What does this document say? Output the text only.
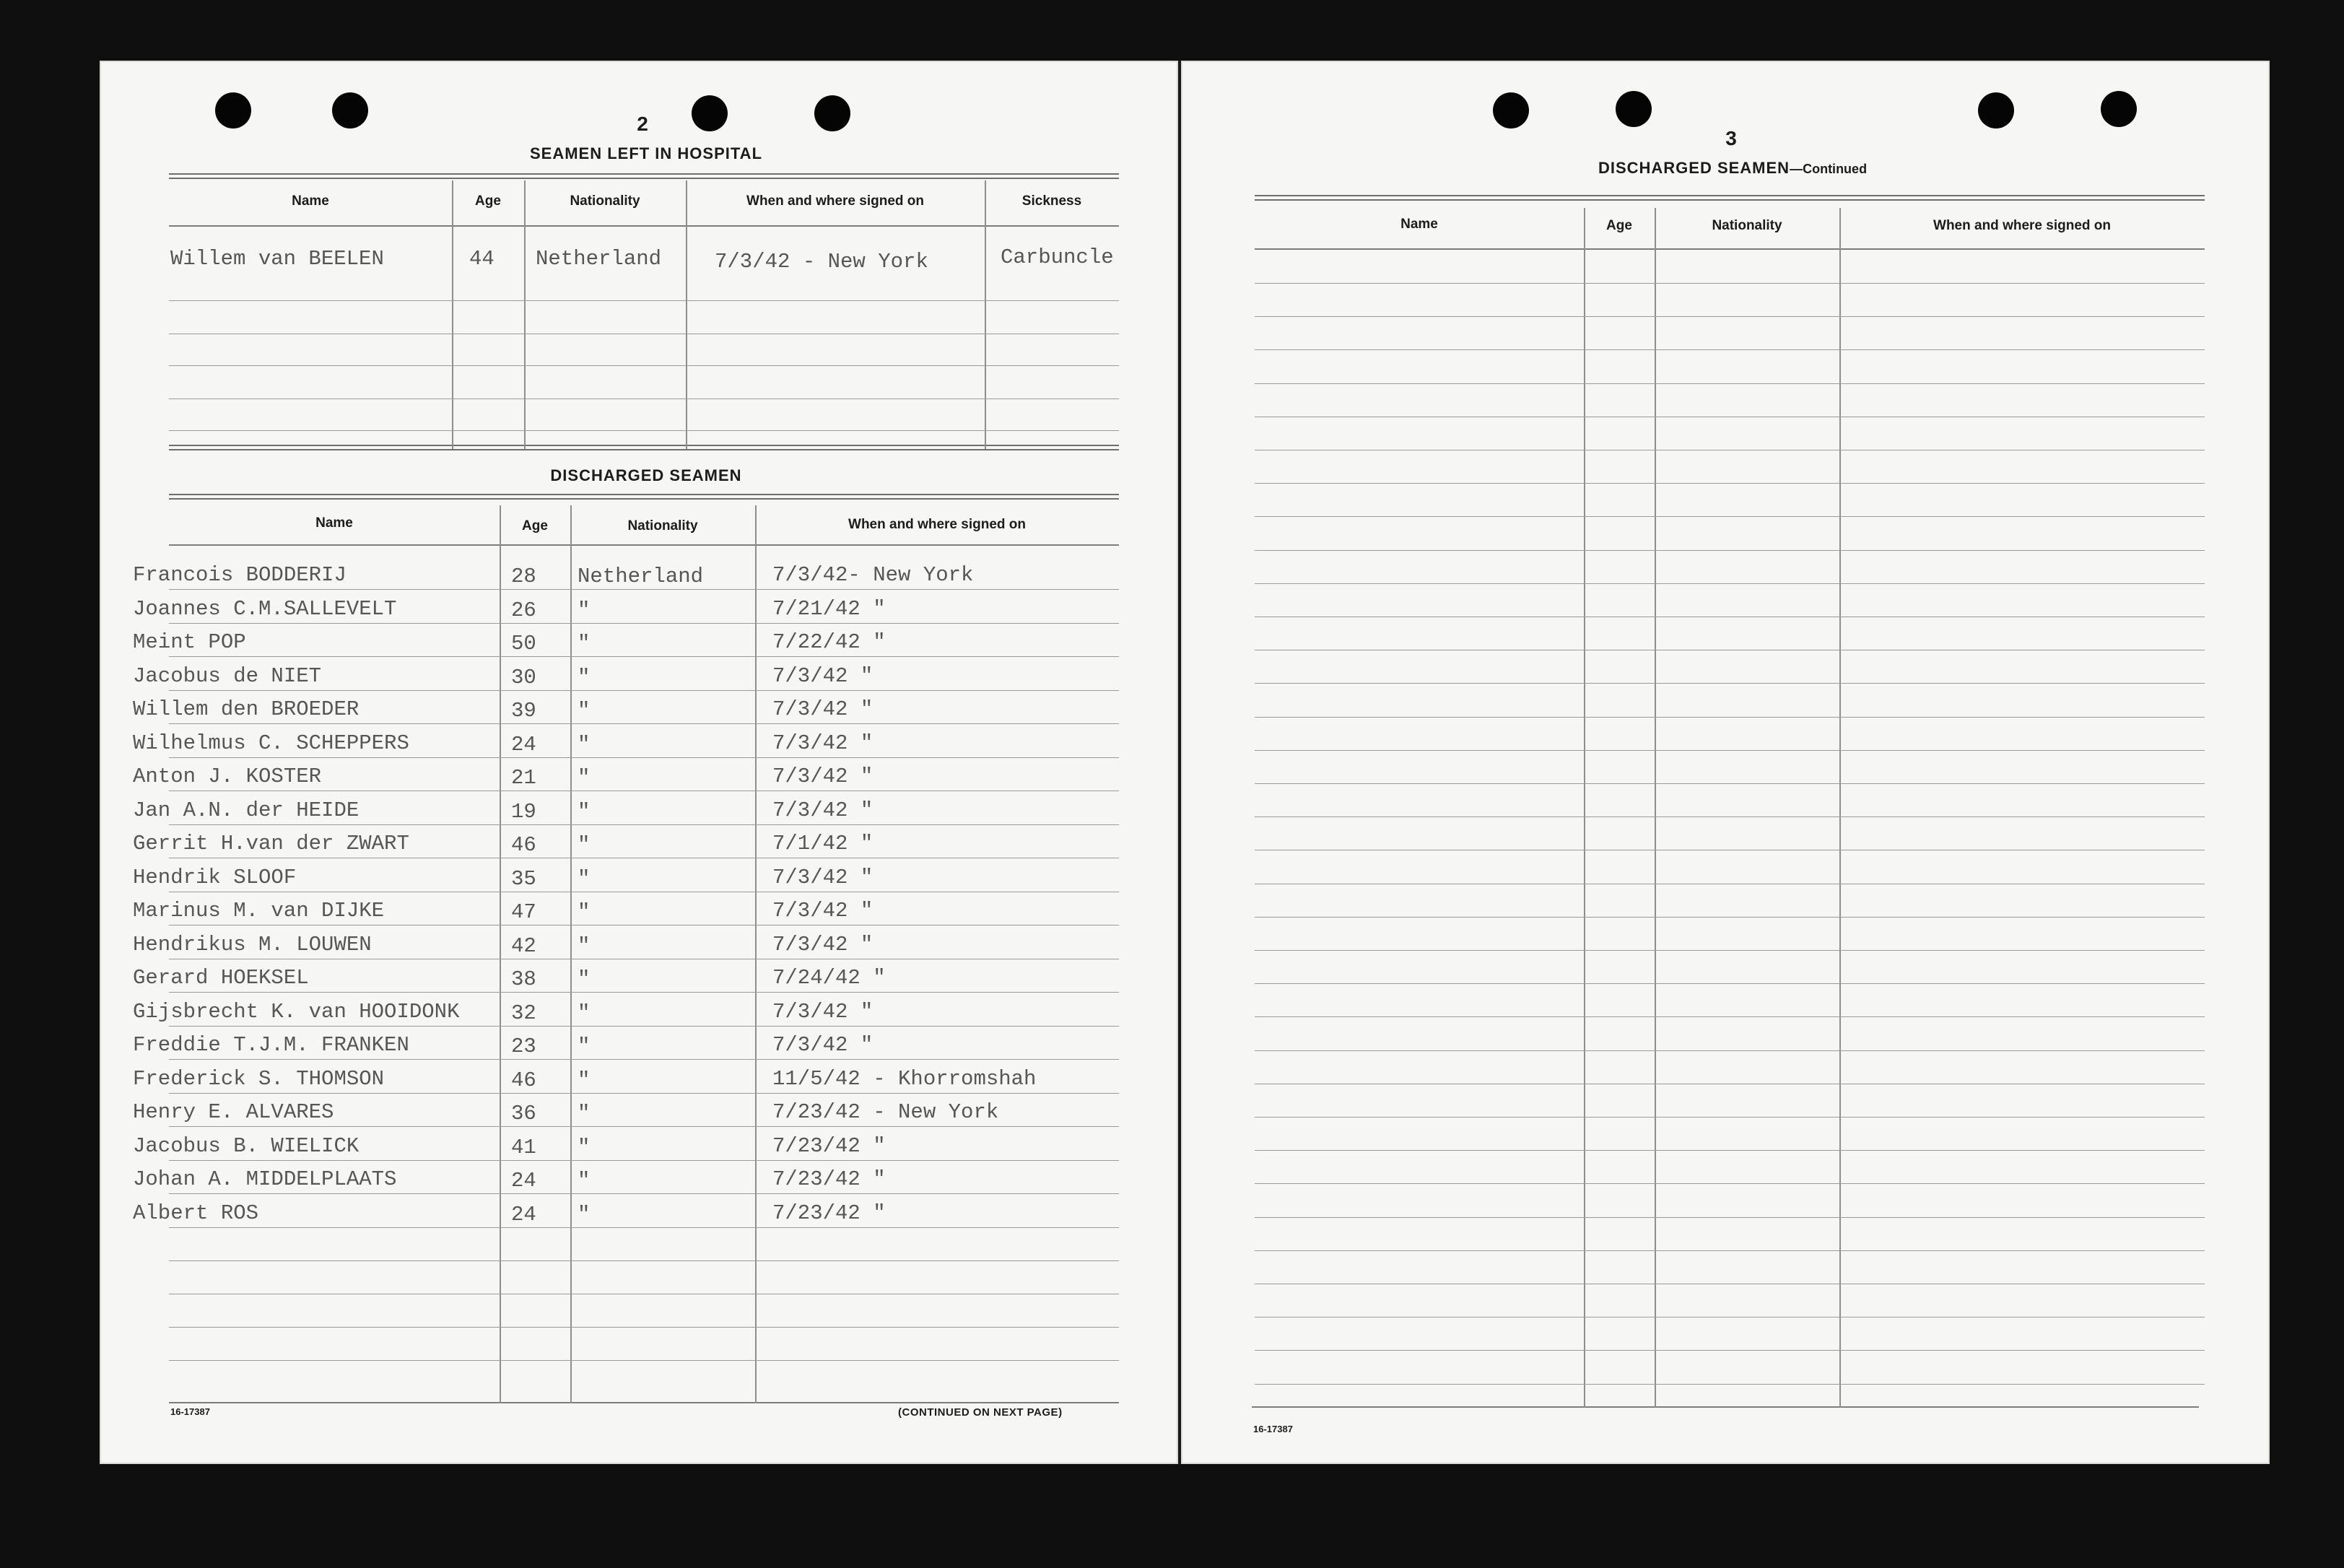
2
SEAMEN LEFT IN HOSPITAL
Name	Age	Nationality	When and where signed on	Sickness
Willem van BEELEN	44 Netherland	7/3/42 - New York	Carbuncle
DISCHARGED SEAMEN
Name	Age	Nationality	When and where signed on
Francois BODDERIJ	28 Netherland	7/3/42- New York
Joannes C.M.SALLEVELT	26 "	7/21/42 "
Meint POP	50 "	7/22/42 "
Jacobus de NIET	30 "	7/3/42 "
Willem den BROEDER	39 "	7/3/42 "
Wilhelmus C. SCHEPPERS	24 "	7/3/42 "
Anton J. KOSTER	21 "	7/3/42 "
Jan A.N. der HEIDE	19 "	7/3/42 "
Gerrit H.van der ZWART	46 "	7/1/42 "
Hendrik SLOOF	35 "	7/3/42 "
Marinus M. van DIJKE	47 "	7/3/42 "
Hendrikus M. LOUWEN	42 "	7/3/42 "
Gerard HOEKSEL	38 "	7/24/42 "
Gijsbrecht K. van HOOIDONK 32 "	7/3/42 "
Freddie T.J.M. FRANKEN	23 "	7/3/42 "
Frederick S. THOMSON	46 "	11/5/42 - Khorromshah
Henry E. ALVARES	36 "	7/23/42 - New York
Jacobus B. WIELICK	41 "	7/23/42 "
Johan A. MIDDELPLAATS	24 "	7/23/42 "
Albert ROS	24 "	7/23/42 "
16-17387	(CONTINUED ON NEXT PAGE)
3
DISCHARGED SEAMEN—Continued
Name	Age	Nationality	When and where signed on
16-17387
